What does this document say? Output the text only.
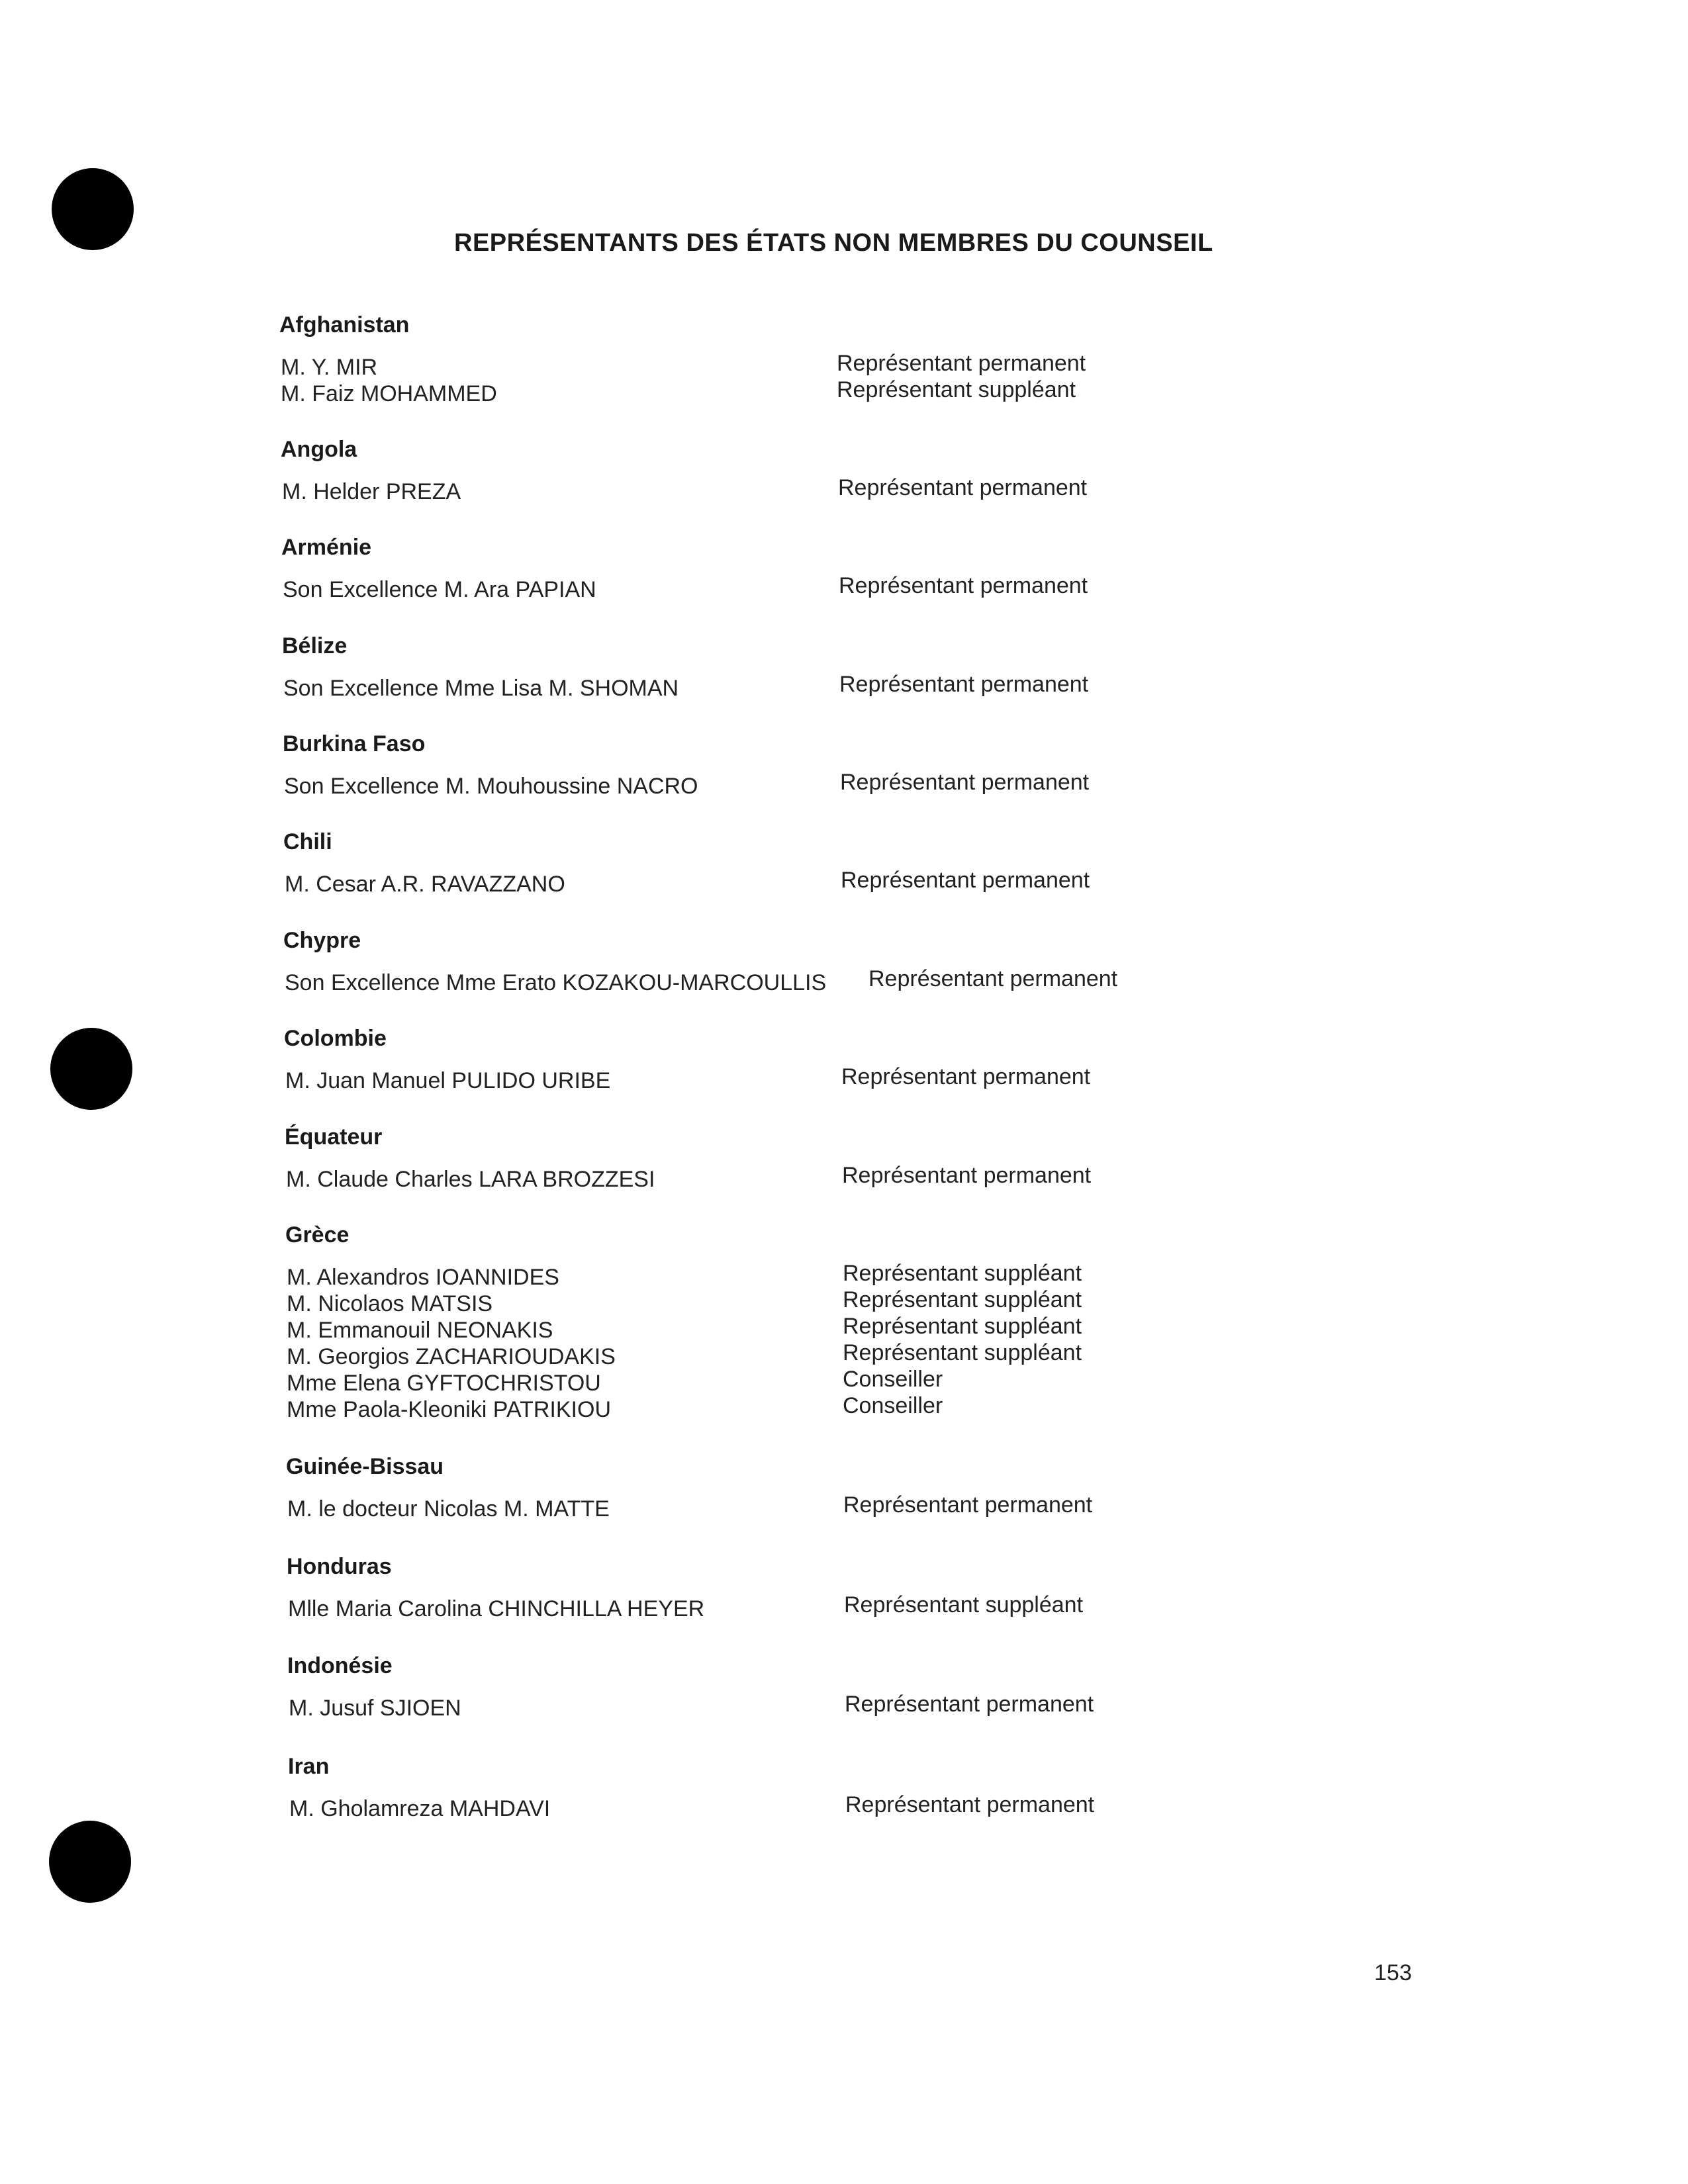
REPRÉSENTANTS DES ÉTATS NON MEMBRES DU COUNSEIL
Afghanistan
M. Y. MIR	Représentant permanent
M. Faiz MOHAMMED	Représentant suppléant
Angola
M. Helder PREZA	Représentant permanent
Arménie
Son Excellence M. Ara PAPIAN	Représentant permanent
Bélize
Son Excellence Mme Lisa M. SHOMAN	Représentant permanent
Burkina Faso
Son Excellence M. Mouhoussine NACRO	Représentant permanent
Chili
M. Cesar A.R. RAVAZZANO	Représentant permanent
Chypre
Son Excellence Mme Erato KOZAKOU-MARCOULLIS Représentant permanent
Colombie
M. Juan Manuel PULIDO URIBE	Représentant permanent
Équateur
M. Claude Charles LARA BROZZESI	Représentant permanent
Grèce
M. Alexandros IOANNIDES	Représentant suppléant
M. Nicolaos MATSIS	Représentant suppléant
M. Emmanouil NEONAKIS	Représentant suppléant
M. Georgios ZACHARIOUDAKIS	Représentant suppléant
Mme Elena GYFTOCHRISTOU	Conseiller
Mme Paola-Kleoniki PATRIKIOU	Conseiller
Guinée-Bissau
M. le docteur Nicolas M. MATTE	Représentant permanent
Honduras
Mlle Maria Carolina CHINCHILLA HEYER	Représentant suppléant
Indonésie
M. Jusuf SJIOEN	Représentant permanent
Iran
M. Gholamreza MAHDAVI	Représentant permanent
153
